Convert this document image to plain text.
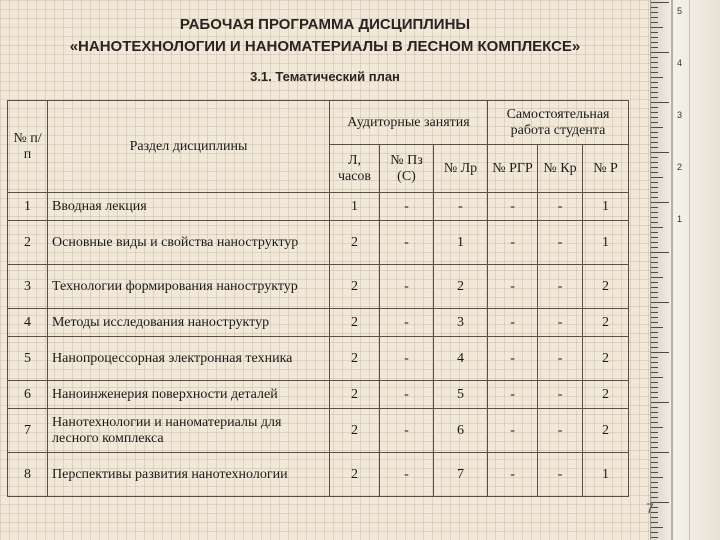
5
4
3
2
1
РАБОЧАЯ ПРОГРАММА ДИСЦИПЛИНЫ
«НАНОТЕХНОЛОГИИ И НАНОМАТЕРИАЛЫ В ЛЕСНОМ КОМПЛЕКСЕ»
3.1. Тематический план
№ п/п	Раздел дисциплины	Аудиторные занятия			Самостоятельная работа студента		
		Л, часов	№ Пз (С)	№ Лр	№ РГР	№ Кр	№ Р
1	Вводная лекция	1	-	-	-	-	1
2	Основные виды и свойства наноструктур	2	-	1	-	-	1
3	Технологии формирования наноструктур	2	-	2	-	-	2
4	Методы исследования наноструктур	2	-	3	-	-	2
5	Нанопроцессорная электронная техника	2	-	4	-	-	2
6	Наноинженерия поверхности деталей	2	-	5	-	-	2
7	Нанотехнологии и наноматериалы для лесного комплекса	2	-	6	-	-	2
8	Перспективы развития нанотехнологии	2	-	7	-	-	1
7
